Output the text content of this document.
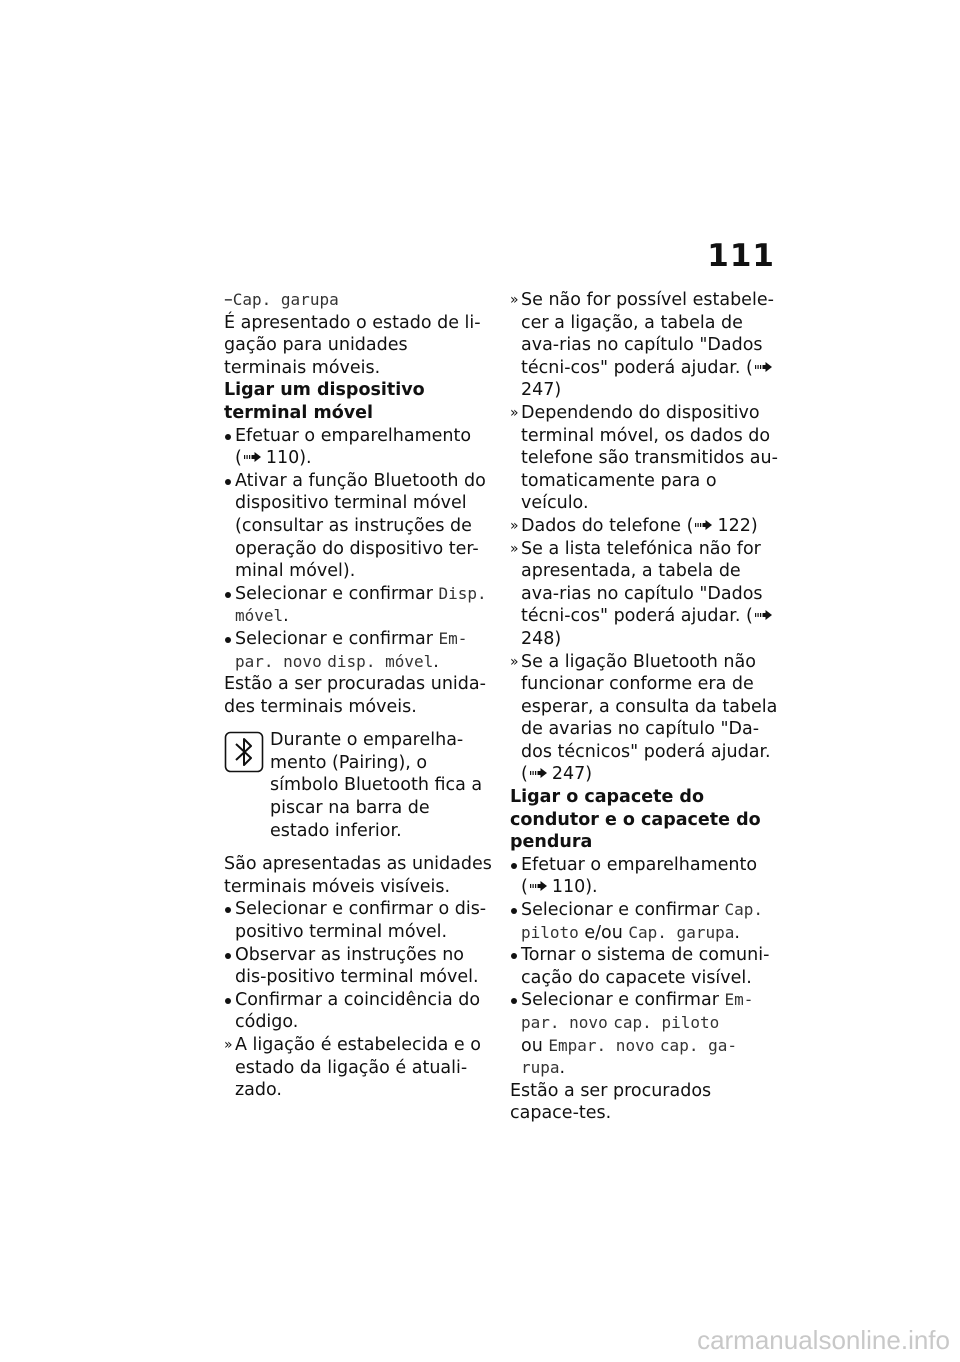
111

–Cap. garupa

É apresentado o estado de li-gação para unidades terminais móveis.

Ligar um dispositivo terminal móvel

Efetuar o emparelhamento
( 110).
Ativar a função Bluetooth do dispositivo terminal móvel (consultar as instruções de operação do dispositivo ter-minal móvel).
Selecionar e confirmar Disp. móvel.
Selecionar e confirmar Em-par. novo disp. móvel.

Estão a ser procuradas unida-des terminais móveis.

Durante o emparelha-mento (Pairing), o símbolo Bluetooth fica a piscar na barra de estado inferior.

São apresentadas as unidades terminais móveis visíveis.

Selecionar e confirmar o dis-positivo terminal móvel.
Observar as instruções no dis-positivo terminal móvel.
Confirmar a coincidência do código.
» A ligação é estabelecida e o estado da ligação é atuali-zado.
» Se não for possível estabele-cer a ligação, a tabela de ava-rias no capítulo "Dados técni-cos" poderá ajudar. (
247)
» Dependendo do dispositivo terminal móvel, os dados do telefone são transmitidos au-tomaticamente para o veículo.
» Dados do telefone ( 122)
» Se a lista telefónica não for apresentada, a tabela de ava-rias no capítulo "Dados técni-cos" poderá ajudar. (
248)
» Se a ligação Bluetooth não funcionar conforme era de esperar, a consulta da tabela de avarias no capítulo "Da-dos técnicos" poderá ajudar.
( 247)

Ligar o capacete do condutor e o capacete do pendura

Efetuar o emparelhamento
( 110).
Selecionar e confirmar Cap. piloto e/ou Cap. garupa.
Tornar o sistema de comuni-cação do capacete visível.
Selecionar e confirmar Em-par. novo cap. piloto
ou Empar. novo cap. ga-rupa.

Estão a ser procurados capace-tes.

carmanualsonline.info
